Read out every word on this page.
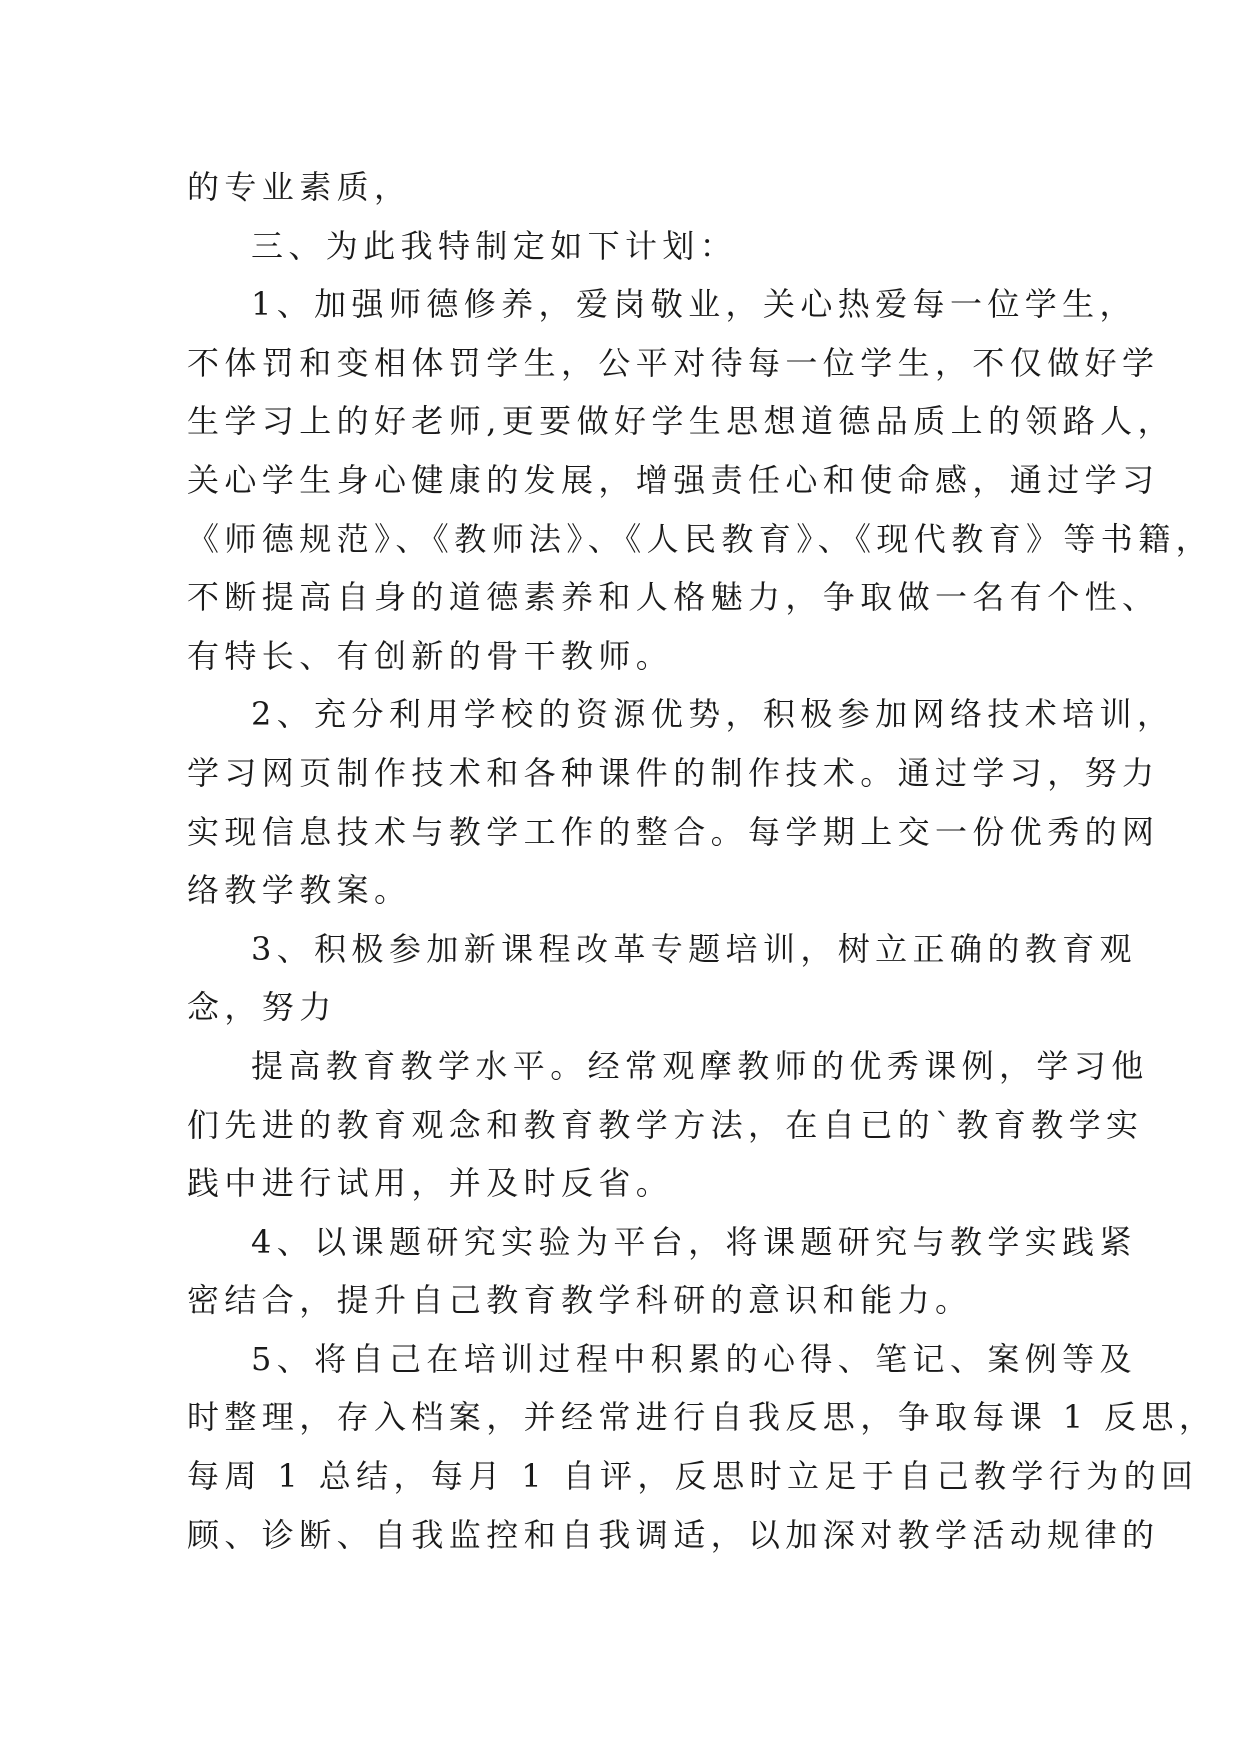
的专业素质，
三、为此我特制定如下计划：
1、加强师德修养，爱岗敬业，关心热爱每一位学生，
不体罚和变相体罚学生，公平对待每一位学生，不仅做好学
生学习上的好老师,更要做好学生思想道德品质上的领路人，
关心学生身心健康的发展，增强责任心和使命感，通过学习
《师德规范》、《教师法》、《人民教育》、《现代教育》等书籍，
不断提高自身的道德素养和人格魅力，争取做一名有个性、
有特长、有创新的骨干教师。
2、充分利用学校的资源优势，积极参加网络技术培训，
学习网页制作技术和各种课件的制作技术。通过学习，努力
实现信息技术与教学工作的整合。每学期上交一份优秀的网
络教学教案。
3、积极参加新课程改革专题培训，树立正确的教育观
念，努力
提高教育教学水平。经常观摩教师的优秀课例，学习他
们先进的教育观念和教育教学方法，在自已的`教育教学实
践中进行试用，并及时反省。
4、以课题研究实验为平台，将课题研究与教学实践紧
密结合，提升自己教育教学科研的意识和能力。
5、将自己在培训过程中积累的心得、笔记、案例等及
时整理，存入档案，并经常进行自我反思，争取每课 1 反思，
每周 1 总结，每月 1 自评，反思时立足于自己教学行为的回
顾、诊断、自我监控和自我调适，以加深对教学活动规律的
